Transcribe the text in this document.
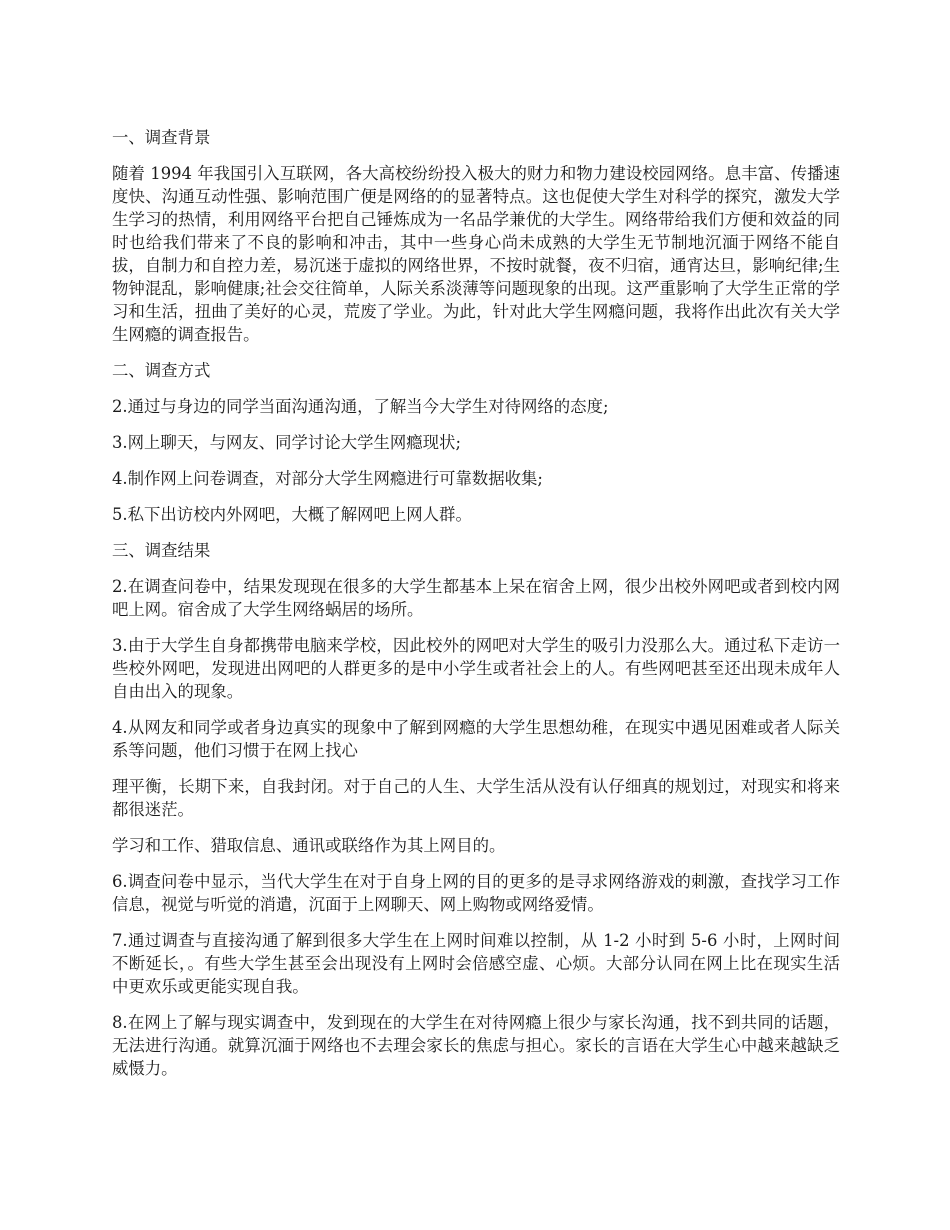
一、调查背景

随着 1994 年我国引入互联网，各大高校纷纷投入极大的财力和物力建设校园网络。息丰富、传播速度快、沟通互动性强、影响范围广便是网络的的显著特点。这也促使大学生对科学的探究，激发大学生学习的热情，利用网络平台把自己锤炼成为一名品学兼优的大学生。网络带给我们方便和效益的同时也给我们带来了不良的影响和冲击，其中一些身心尚未成熟的大学生无节制地沉湎于网络不能自拔，自制力和自控力差，易沉迷于虚拟的网络世界，不按时就餐，夜不归宿，通宵达旦，影响纪律;生物钟混乱，影响健康;社会交往简单，人际关系淡薄等问题现象的出现。这严重影响了大学生正常的学习和生活，扭曲了美好的心灵，荒废了学业。为此，针对此大学生网瘾问题，我将作出此次有关大学生网瘾的调查报告。

二、调查方式

2.通过与身边的同学当面沟通沟通，了解当今大学生对待网络的态度;

3.网上聊天，与网友、同学讨论大学生网瘾现状;

4.制作网上问卷调查，对部分大学生网瘾进行可靠数据收集;

5.私下出访校内外网吧，大概了解网吧上网人群。

三、调查结果

2.在调查问卷中，结果发现现在很多的大学生都基本上呆在宿舍上网，很少出校外网吧或者到校内网吧上网。宿舍成了大学生网络蜗居的场所。

3.由于大学生自身都携带电脑来学校，因此校外的网吧对大学生的吸引力没那么大。通过私下走访一些校外网吧，发现进出网吧的人群更多的是中小学生或者社会上的人。有些网吧甚至还出现未成年人自由出入的现象。

4.从网友和同学或者身边真实的现象中了解到网瘾的大学生思想幼稚，在现实中遇见困难或者人际关系等问题，他们习惯于在网上找心

理平衡，长期下来，自我封闭。对于自己的人生、大学生活从没有认仔细真的规划过，对现实和将来都很迷茫。

学习和工作、猎取信息、通讯或联络作为其上网目的。

6.调查问卷中显示，当代大学生在对于自身上网的目的更多的是寻求网络游戏的刺激，查找学习工作信息，视觉与听觉的消遣，沉面于上网聊天、网上购物或网络爱情。

7.通过调查与直接沟通了解到很多大学生在上网时间难以控制，从 1-2 小时到 5-6 小时，上网时间不断延长，。有些大学生甚至会出现没有上网时会倍感空虚、心烦。大部分认同在网上比在现实生活中更欢乐或更能实现自我。

8.在网上了解与现实调查中，发到现在的大学生在对待网瘾上很少与家长沟通，找不到共同的话题，无法进行沟通。就算沉湎于网络也不去理会家长的焦虑与担心。家长的言语在大学生心中越来越缺乏威慑力。
